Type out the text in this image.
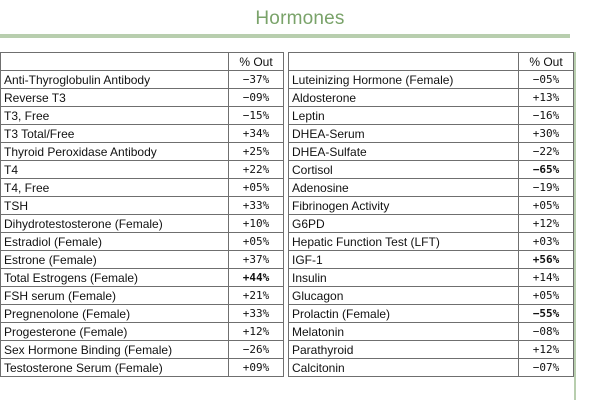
Hormones
	% Out
Anti-Thyroglobulin Antibody	−37%
Reverse T3	−09%
T3, Free	−15%
T3 Total/Free	+34%
Thyroid Peroxidase Antibody	+25%
T4	+22%
T4, Free	+05%
TSH	+33%
Dihydrotestosterone (Female)	+10%
Estradiol (Female)	+05%
Estrone (Female)	+37%
Total Estrogens (Female)	+44%
FSH serum (Female)	+21%
Pregnenolone (Female)	+33%
Progesterone (Female)	+12%
Sex Hormone Binding (Female)	−26%
Testosterone Serum (Female)	+09%
	% Out
Luteinizing Hormone (Female)	−05%
Aldosterone	+13%
Leptin	−16%
DHEA-Serum	+30%
DHEA-Sulfate	−22%
Cortisol	−65%
Adenosine	−19%
Fibrinogen Activity	+05%
G6PD	+12%
Hepatic Function Test (LFT)	+03%
IGF-1	+56%
Insulin	+14%
Glucagon	+05%
Prolactin (Female)	−55%
Melatonin	−08%
Parathyroid	+12%
Calcitonin	−07%
